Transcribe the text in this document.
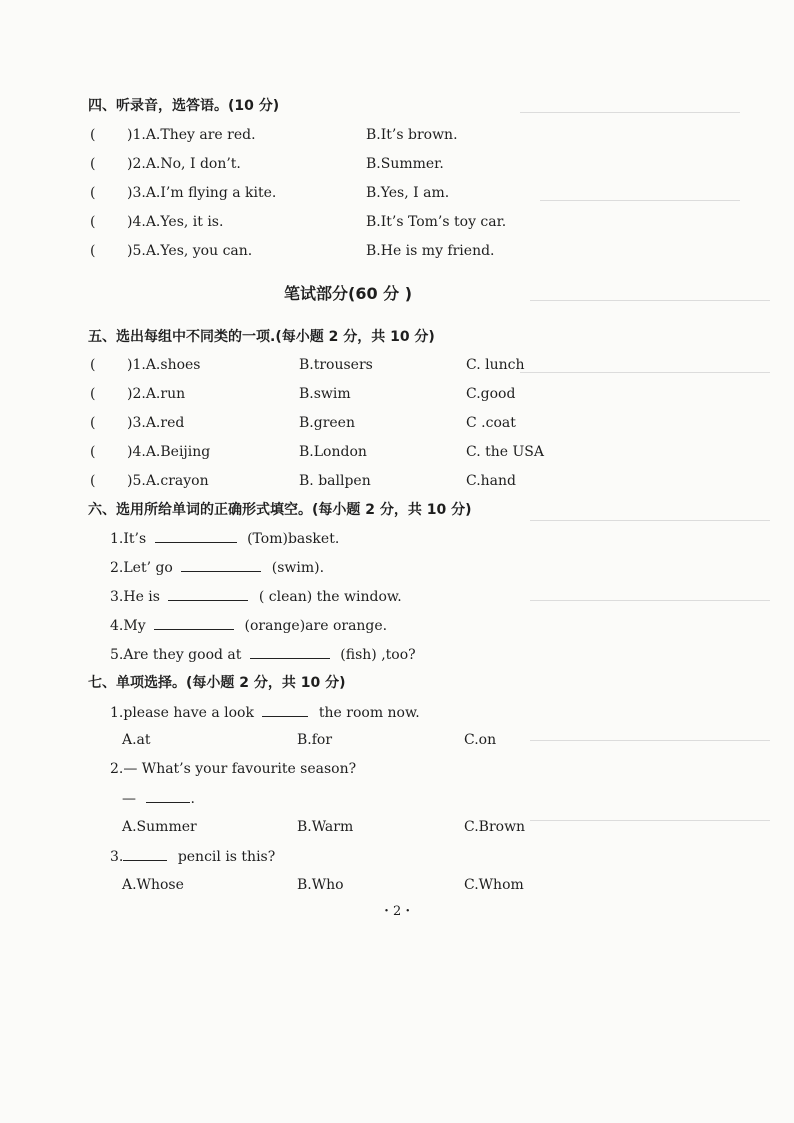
四、听录音，选答语。(10 分)
( )1.A.They are red.	B.It’s brown.
( )2.A.No, I don’t.	B.Summer.
( )3.A.I’m flying a kite.	B.Yes, I am.
( )4.A.Yes, it is.	B.It’s Tom’s toy car.
( )5.A.Yes, you can.	B.He is my friend.
笔试部分(60 分 )
五、选出每组中不同类的一项.(每小题 2 分，共 10 分)
( )1.A.shoes	B.trousers	C. lunch
( )2.A.run	B.swim	C.good
( )3.A.red	B.green	C .coat
( )4.A.Beijing	B.London	C. the USA
( )5.A.crayon	B. ballpen	C.hand
六、选用所给单词的正确形式填空。(每小题 2 分，共 10 分)
1.It’s	(Tom)basket.
2.Let’ go	(swim).
3.He is	( clean) the window.
4.My	(orange)are orange.
5.Are they good at	(fish) ,too?
七、单项选择。(每小题 2 分，共 10 分)
1.please have a look	the room now.
A.at	B.for	C.on
2.— What’s your favourite season?
—	.
A.Summer	B.Warm	C.Brown
3.	pencil is this?
A.Whose	B.Who	C.Whom
・2・
